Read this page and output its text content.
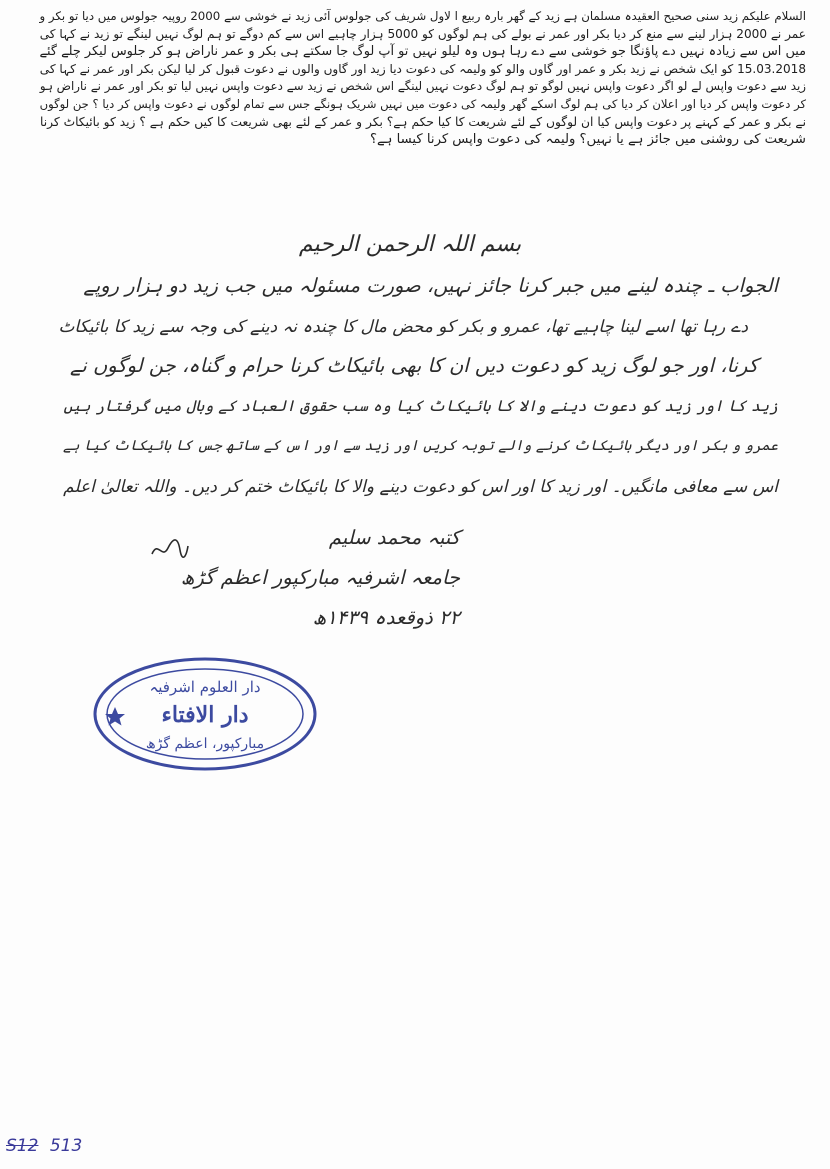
السلام علیکم زید سنی صحیح العقیدہ مسلمان ہے زید کے گھر بارہ ربیع ا لاول شریف کی جولوس آئی زید نے خوشی سے 2000 روپیہ جولوس میں دیا تو بکر و
عمر نے 2000 ہزار لینے سے منع کر دیا بکر اور عمر نے بولے کی ہم لوگوں کو 5000 ہزار چاہیے اس سے کم دوگے تو ہم لوگ نہیں لینگے تو زید نے کہا کی
میں اس سے زیادہ نہیں دے پاؤنگا جو خوشی سے دے رہا ہوں وہ لیلو نہیں تو آپ لوگ جا سکتے ہی بکر و عمر ناراض ہو کر جلوس لیکر چلے گئے
15.03.2018 کو ایک شخص نے زید بکر و عمر اور گاوں والو کو ولیمہ کی دعوت دیا زید اور گاوں والوں نے دعوت قبول کر لیا لیکن بکر اور عمر نے کہا کی
زید سے دعوت واپس لے لو اگر دعوت واپس نہیں لوگو تو ہم لوگ دعوت نہیں لینگے اس شخص نے زید سے دعوت واپس نہیں لیا تو بکر اور عمر نے ناراض ہو
کر دعوت واپس کر دیا اور اعلان کر دیا کی ہم لوگ اسکے گھر ولیمہ کی دعوت میں نہیں شریک ہونگے جس سے تمام لوگوں نے دعوت واپس کر دیا ؟ جن لوگوں
نے بکر و عمر کے کہنے پر دعوت واپس کیا ان لوگوں کے لئے شریعت کا کیا حکم ہے؟ بکر و عمر کے لئے بھی شریعت کا کیں حکم ہے ؟ زید کو بائیکاٹ کرنا
شریعت کی روشنی میں جائز ہے یا نہیں؟ ولیمہ کی دعوت واپس کرنا کیسا ہے؟
بسم اللہ الرحمن الرحیم
الجواب ـ چندہ لینے میں جبر کرنا جائز نہیں، صورت مسئولہ میں جب زید دو ہزار روپے
دے رہا تھا اسے لینا چاہیے تھا، عمرو و بکر کو محض مال کا چندہ نہ دینے کی وجہ سے زید کا بائیکاٹ
کرنا، اور جو لوگ زید کو دعوت دیں ان کا بھی بائیکاٹ کرنا حرام و گناہ، جن لوگوں نے
زید کا اور زید کو دعوت دینے والا کا بائیکاٹ کیا وہ سب حقوق العباد کے وبال میں گرفتار ہیں
عمرو و بکر اور دیگر بائیکاٹ کرنے والے توبہ کریں اور زید سے اور اس کے ساتھ جس کا بائیکاٹ کیا ہے
اس سے معافی مانگیں۔ اور زید کا اور اس کو دعوت دینے والا کا بائیکاٹ ختم کر دیں۔ واللہ تعالیٰ اعلم
کتبہ محمد سلیم
جامعہ اشرفیہ مبارکپور اعظم گڑھ
۲۲ ذوقعدہ ۱۴۳۹ھ
دار العلوم اشرفیہ
دار الافتاء
مبارکپور، اعظم گڑھ
S12 513
